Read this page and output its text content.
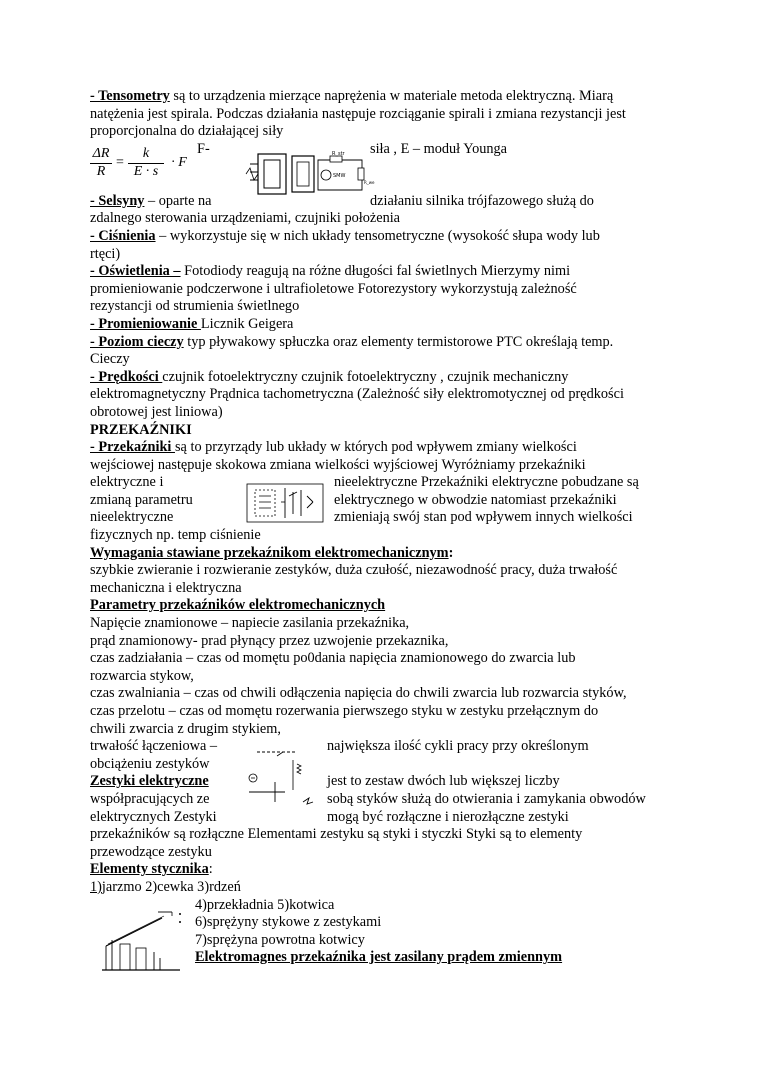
ΔR
R
=
k
E · s
· F
R_str
SMW
R_we
- Tensometry są to urządzenia mierzące naprężenia w materiale metoda elektryczną. Miarą
natężenia jest spirala. Podczas działania następuje rozciąganie spirali i zmiana rezystancji jest
proporcjonalna do działającej siły
F-	siła , E – moduł Younga
- Selsyny – oparte na	działaniu silnika trójfazowego służą do
zdalnego sterowania urządzeniami, czujniki położenia
- Ciśnienia – wykorzystuje się w nich układy tensometryczne (wysokość słupa wody lub
rtęci)
- Oświetlenia – Fotodiody reagują na różne długości fal świetlnych Mierzymy nimi
promieniowanie podczerwone i ultrafioletowe Fotorezystory wykorzystują zależność
rezystancji od strumienia świetlnego
- Promieniowanie Licznik Geigera
- Poziom cieczy typ pływakowy spłuczka oraz elementy termistorowe PTC określają temp.
Cieczy
- Prędkości czujnik fotoelektryczny czujnik fotoelektryczny , czujnik mechaniczny
elektromagnetyczny Prądnica tachometryczna (Zależność siły elektromotycznej od prędkości
obrotowej jest liniowa)
PRZEKAŹNIKI
- Przekaźniki są to przyrządy lub układy w których pod wpływem zmiany wielkości
wejściowej następuje skokowa zmiana wielkości wyjściowej Wyróżniamy przekaźniki
elektryczne i	nieelektryczne Przekaźniki elektryczne pobudzane są
zmianą parametru	elektrycznego w obwodzie natomiast przekaźniki
nieelektryczne	zmieniają swój stan pod wpływem innych wielkości
fizycznych np. temp ciśnienie
Wymagania stawiane przekaźnikom elektromechanicznym:
szybkie zwieranie i rozwieranie zestyków, duża czułość, niezawodność pracy, duża trwałość
mechaniczna i elektryczna
Parametry przekaźników elektromechanicznych
Napięcie znamionowe – napiecie zasilania przekaźnika,
prąd znamionowy- prad płynący przez uzwojenie przekaznika,
czas zadziałania – czas od momętu po0dania napięcia znamionowego do zwarcia lub
rozwarcia stykow,
czas zwalniania – czas od chwili odłączenia napięcia do chwili zwarcia lub rozwarcia styków,
czas przelotu – czas od momętu rozerwania pierwszego styku w zestyku przełącznym do
chwili zwarcia z drugim stykiem,
trwałość łączeniowa –	największa ilość cykli pracy przy określonym
obciążeniu zestyków
Zestyki elektryczne	jest to zestaw dwóch lub większej liczby
współpracujących ze	sobą styków służą do otwierania i zamykania obwodów
elektrycznych Zestyki	mogą być rozłączne i nierozłączne zestyki
przekaźników są rozłączne Elementami zestyku są styki i styczki Styki są to elementy
przewodzące zestyku
Elementy stycznika:
1)jarzmo 2)cewka 3)rdzeń
4)przekładnia 5)kotwica
6)sprężyny stykowe z zestykami
7)sprężyna powrotna kotwicy
Elektromagnes przekaźnika jest zasilany prądem zmiennym
